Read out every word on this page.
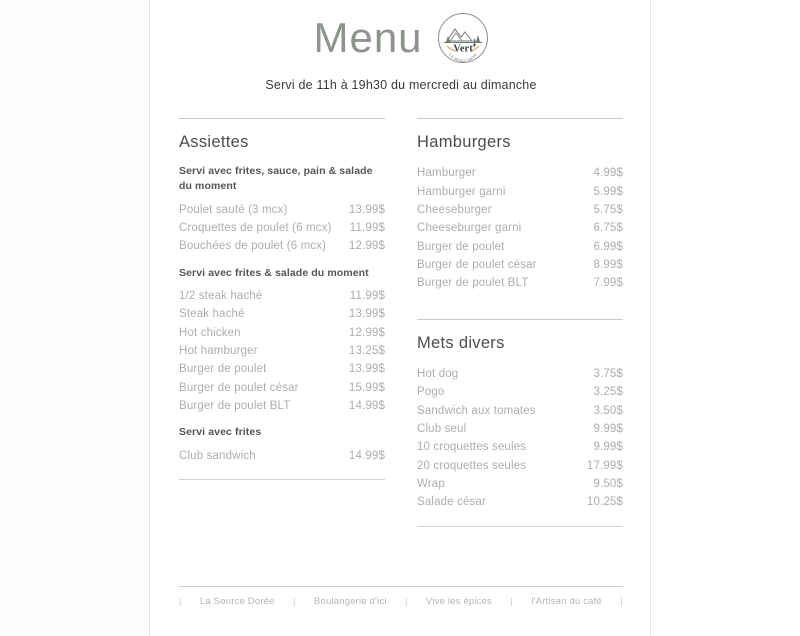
Menu	Vert +
Le détour santé
Servi de 11h à 19h30 du mercredi au dimanche
Assiettes
Servi avec frites, sauce, pain & salade du moment
Poulet sauté (3 mcx)	13.99$
Croquettes de poulet (6 mcx) 11.99$
Bouchées de poulet (6 mcx) 12.99$
Servi avec frites & salade du moment
1/2 steak haché	11.99$
Steak haché	13.99$
Hot chicken	12.99$
Hot hamburger	13.25$
Burger de poulet	13.99$
Burger de poulet césar	15.99$
Burger de poulet BLT	14.99$
Servi avec frites
Club sandwich	14.99$
Hamburgers
Hamburger	4.99$
Hamburger garni	5.99$
Cheeseburger	5.75$
Cheeseburger garni	6.75$
Burger de poulet	6.99$
Burger de poulet césar	8.99$
Burger de poulet BLT	7.99$
Mets divers
Hot dog	3.75$
Pogo	3.25$
Sandwich aux tomates	3.50$
Club seul	9.99$
10 croquettes seules	9.99$
20 croquettes seules	17.99$
Wrap	9.50$
Salade césar	10.25$
| La Source Dorée | Boulangerie d'ici | Vive les épices | l'Artisan du café |
